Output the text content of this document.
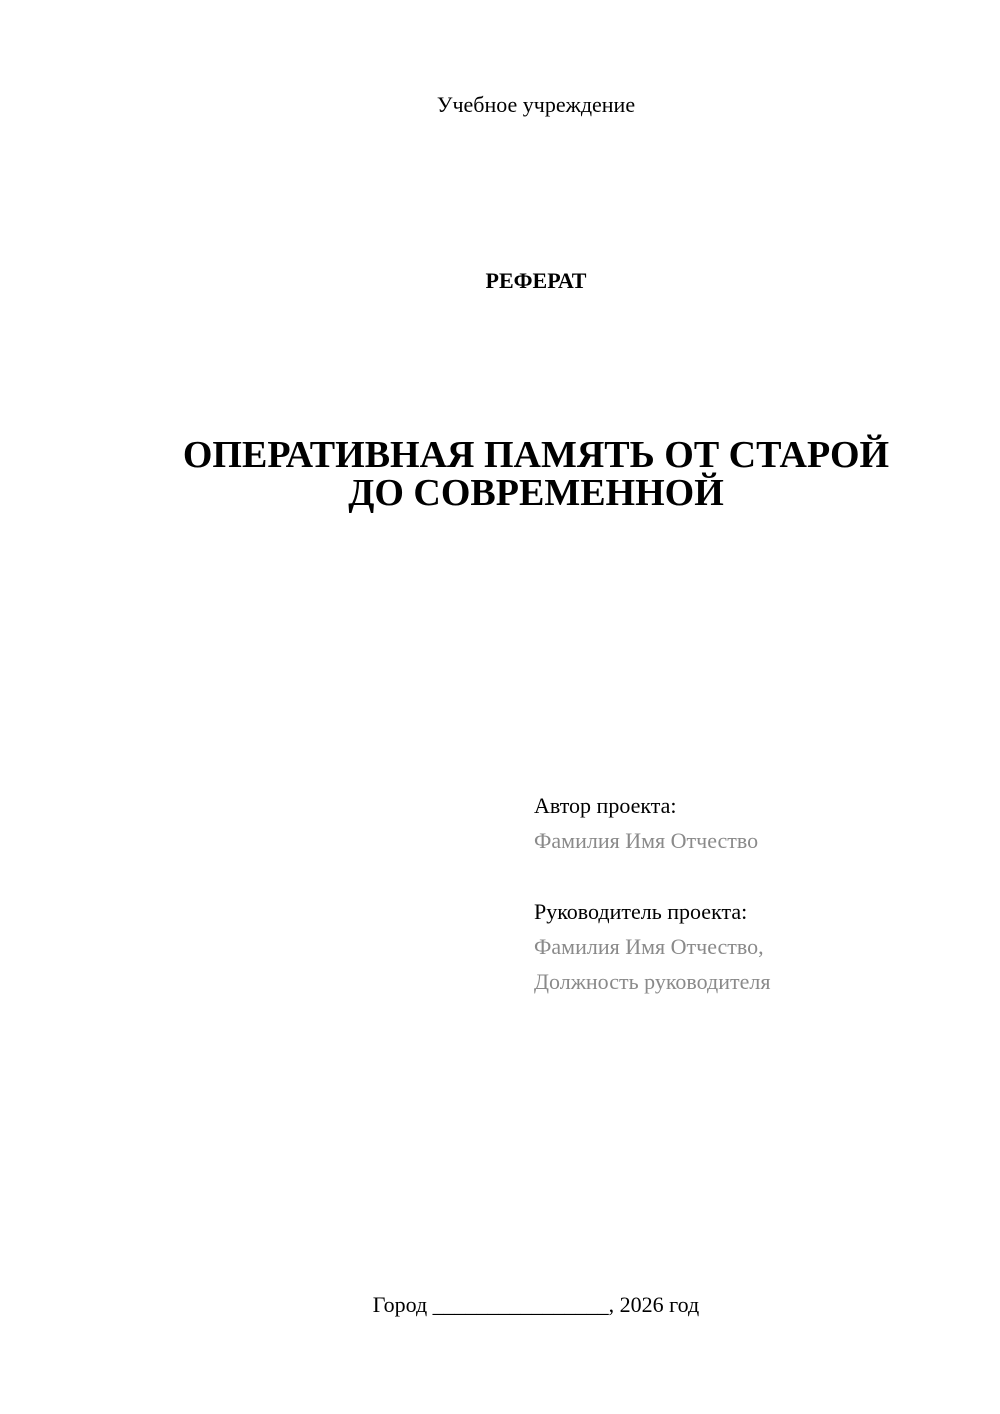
Учебное учреждение
РЕФЕРАТ
ОПЕРАТИВНАЯ ПАМЯТЬ ОТ СТАРОЙ
ДО СОВРЕМЕННОЙ
Автор проекта:
Фамилия Имя Отчество
Руководитель проекта:
Фамилия Имя Отчество,
Должность руководителя
Город ________________, 2026 год
